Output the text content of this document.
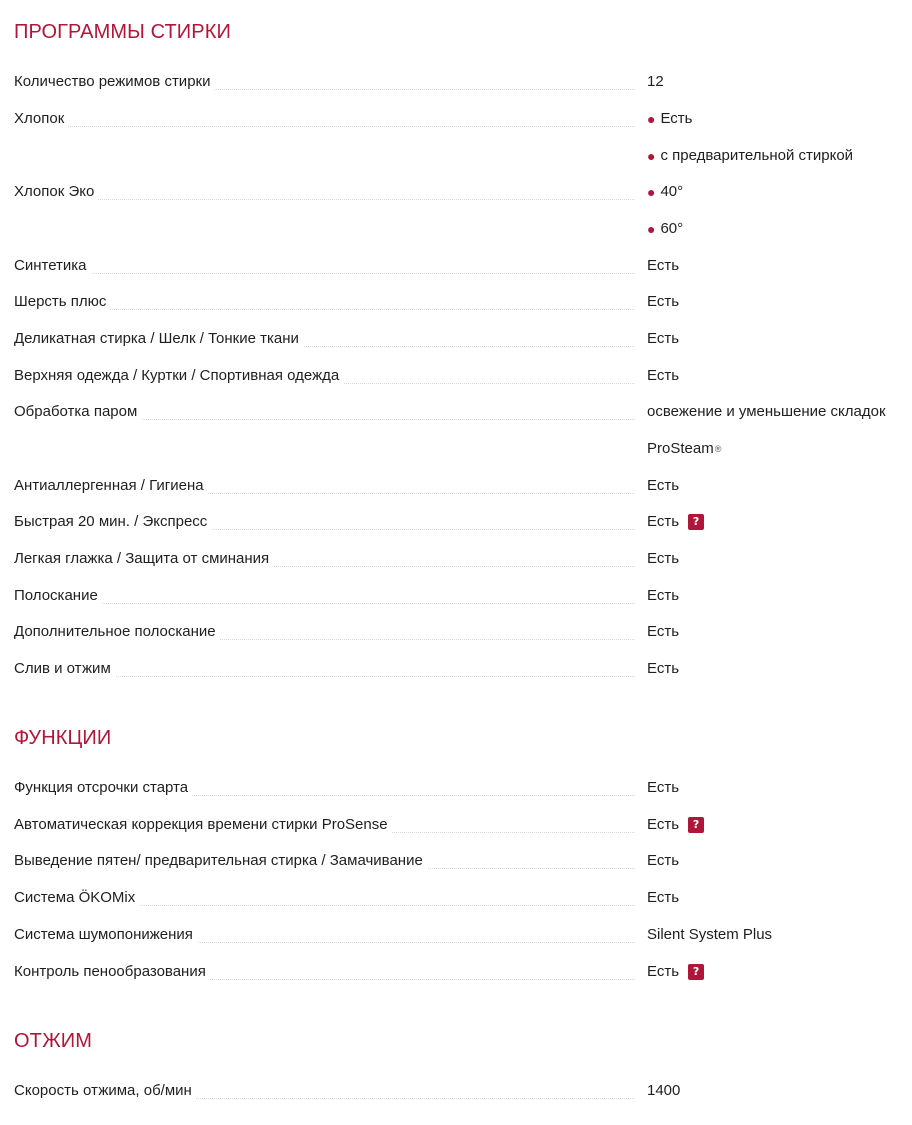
ПРОГРАММЫ СТИРКИ
Количество режимов стирки	12
Хлопок	● Есть
● с предварительной стиркой
Хлопок Эко	● 40°
● 60°
Синтетика	Есть
Шерсть плюс	Есть
Деликатная стирка / Шелк / Тонкие ткани	Есть
Верхняя одежда / Куртки / Спортивная одежда	Есть
Обработка паром	освежение и уменьшение складок
ProSteam ®
Антиаллергенная / Гигиена	Есть
Быстрая 20 мин. / Экспресс	Есть	?
Легкая глажка / Защита от сминания	Есть
Полоскание	Есть
Дополнительное полоскание	Есть
Слив и отжим	Есть
ФУНКЦИИ
Функция отсрочки старта	Есть
Автоматическая коррекция времени стирки ProSense	Есть	?
Выведение пятен/ предварительная стирка / Замачивание	Есть
Система ÖKOMix	Есть
Система шумопонижения	Silent System Plus
Контроль пенообразования	Есть	?
ОТЖИМ
Скорость отжима, об/мин	1400
